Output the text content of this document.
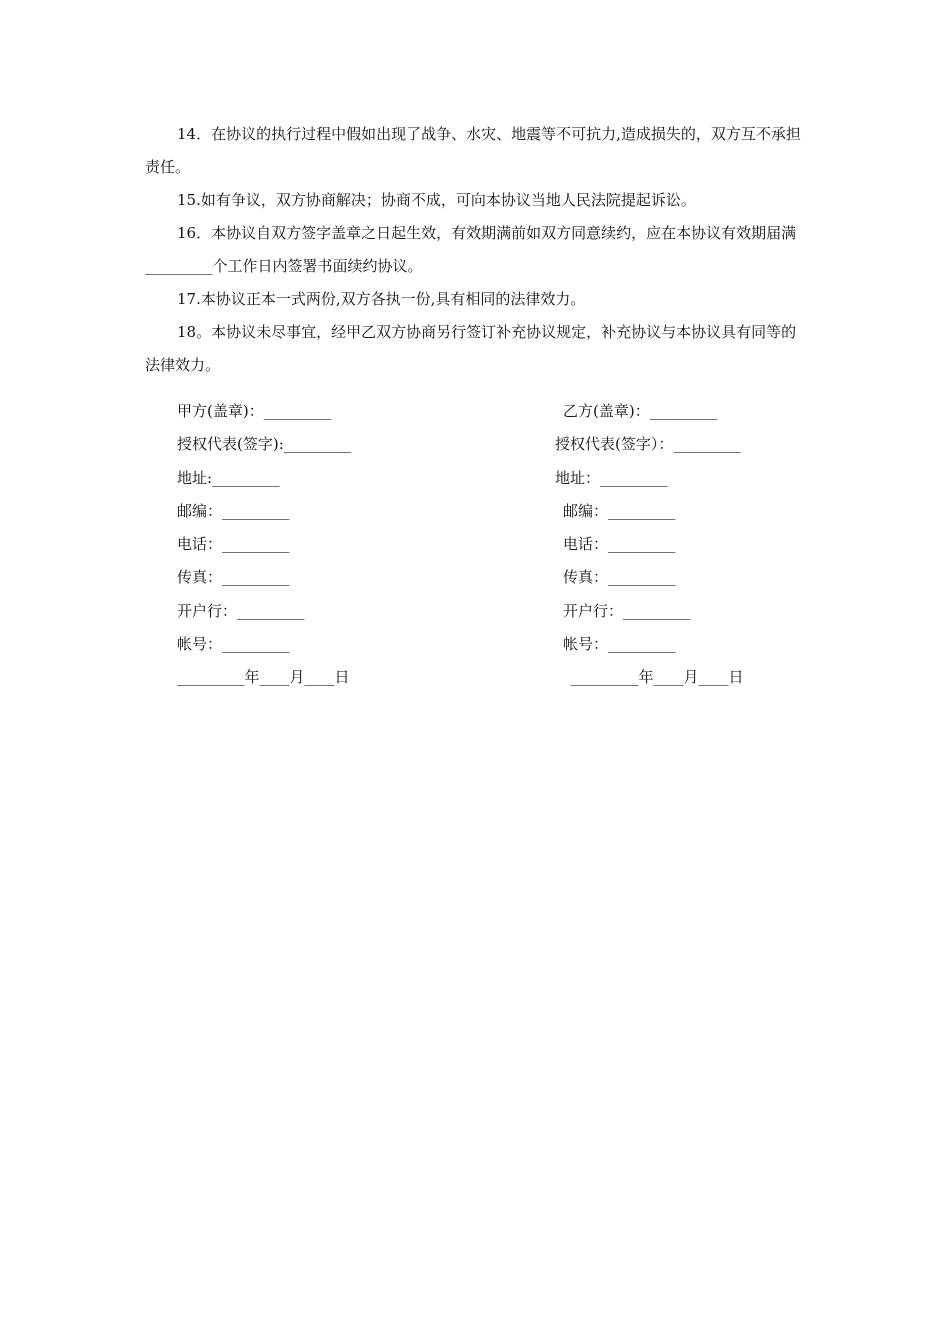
14．在协议的执行过程中假如出现了战争、水灾、地震等不可抗力,造成损失的，双方互不承担责任。

15.如有争议，双方协商解决；协商不成，可向本协议当地人民法院提起诉讼。

16．本协议自双方签字盖章之日起生效，有效期满前如双方同意续约，应在本协议有效期届满_________个工作日内签署书面续约协议。

17.本协议正本一式两份,双方各执一份,具有相同的法律效力。

18。本协议未尽事宜，经甲乙双方协商另行签订补充协议规定，补充协议与本协议具有同等的法律效力。

甲方(盖章)：_________

授权代表(签字):_________

地址:_________

邮编：_________

电话：_________

传真：_________

开户行：_________

帐号：_________

_________年____月____日

乙方(盖章)：_________

授权代表(签字）：_________

地址：_________

邮编：_________

电话：_________

传真：_________

开户行：_________

帐号：_________

_________年____月____日
